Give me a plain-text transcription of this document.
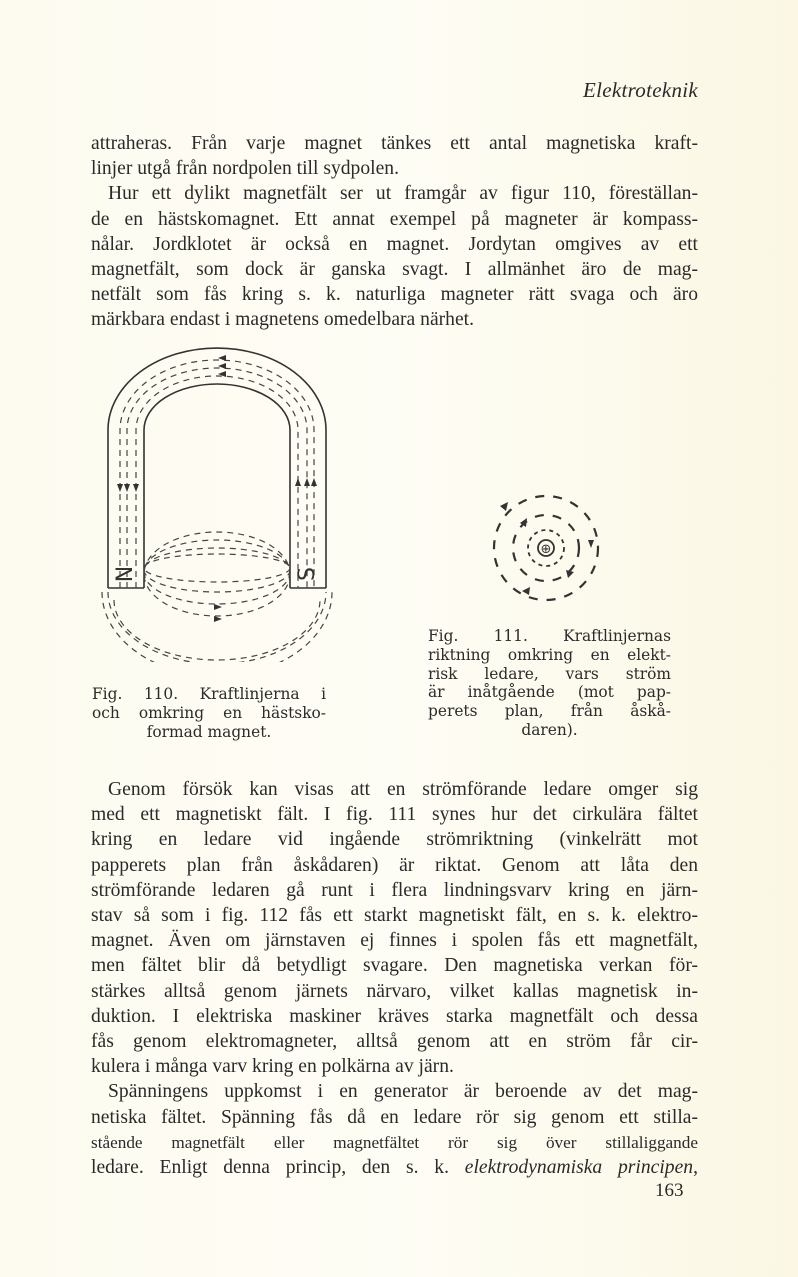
Elektroteknik
attraheras. Från varje magnet tänkes ett antal magnetiska kraft-
linjer utgå från nordpolen till sydpolen.
Hur ett dylikt magnetfält ser ut framgår av figur 110, föreställan-
de en hästskomagnet. Ett annat exempel på magneter är kompass-
nålar. Jordklotet är också en magnet. Jordytan omgives av ett
magnetfält, som dock är ganska svagt. I allmänhet äro de mag-
netfält som fås kring s. k. naturliga magneter rätt svaga och äro
märkbara endast i magnetens omedelbara närhet.
N	S
Fig. 110. Kraftlinjerna i
och omkring en hästsko-
formad magnet.
⊕
Fig. 111. Kraftlinjernas
riktning omkring en elekt-
risk ledare, vars ström
är inåtgående (mot pap-
perets plan, från åskå-
daren).
Genom försök kan visas att en strömförande ledare omger sig
med ett magnetiskt fält. I fig. 111 synes hur det cirkulära fältet
kring en ledare vid ingående strömriktning (vinkelrätt mot
papperets plan från åskådaren) är riktat. Genom att låta den
strömförande ledaren gå runt i flera lindningsvarv kring en järn-
stav så som i fig. 112 fås ett starkt magnetiskt fält, en s. k. elektro-
magnet. Även om järnstaven ej finnes i spolen fås ett magnetfält,
men fältet blir då betydligt svagare. Den magnetiska verkan för-
stärkes alltså genom järnets närvaro, vilket kallas magnetisk in-
duktion. I elektriska maskiner kräves starka magnetfält och dessa
fås genom elektromagneter, alltså genom att en ström får cir-
kulera i många varv kring en polkärna av järn.
Spänningens uppkomst i en generator är beroende av det mag-
netiska fältet. Spänning fås då en ledare rör sig genom ett stilla-
stående magnetfält eller magnetfältet rör sig över stillaliggande
ledare. Enligt denna princip, den s. k. elektrodynamiska principen,
163
